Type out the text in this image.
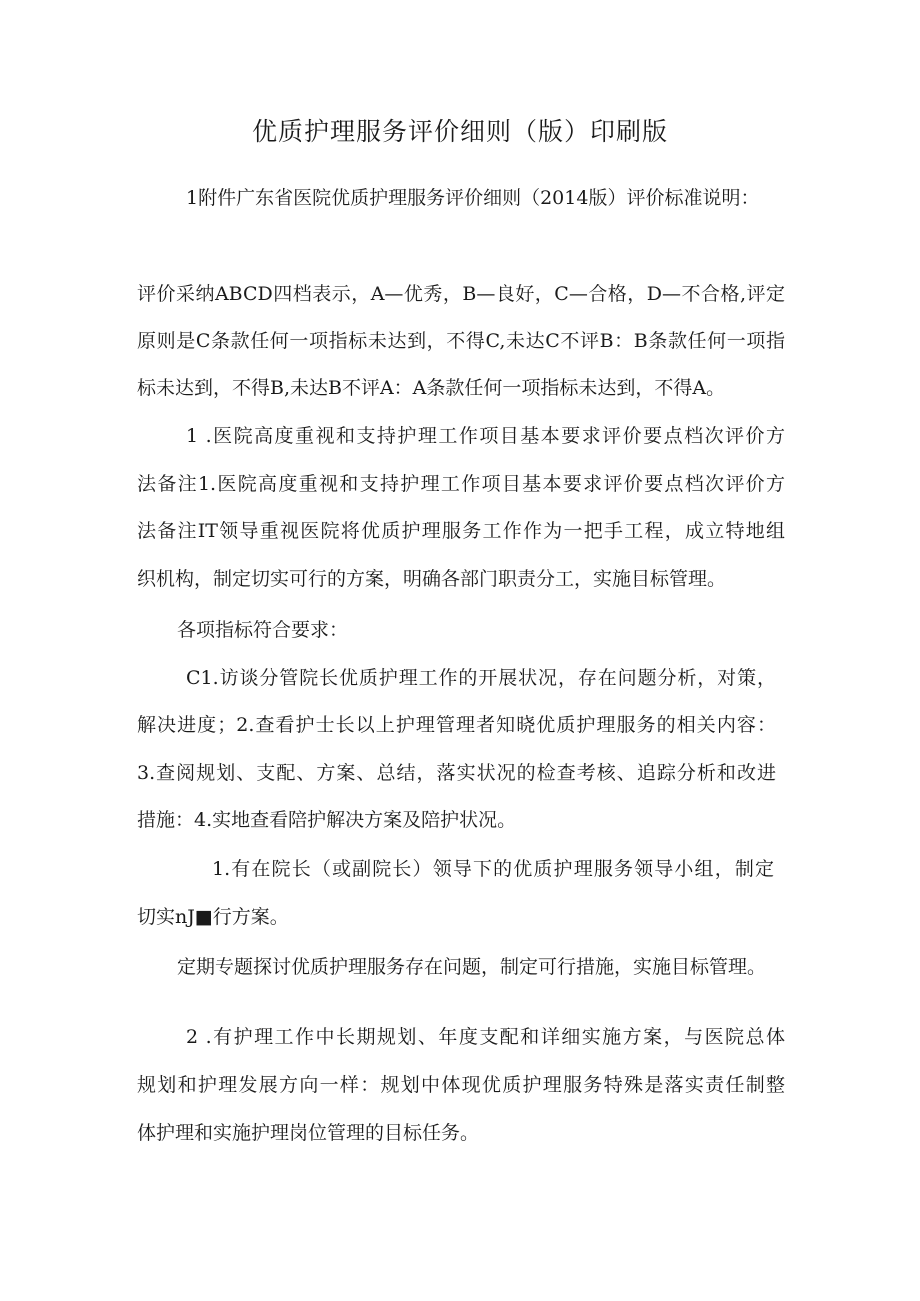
优质护理服务评价细则（版）印刷版
1附件广东省医院优质护理服务评价细则（2014版）评价标准说明：
评价采纳ABCD四档表示，A—优秀，B—良好，C—合格，D—不合格,评定
原则是C条款任何一项指标未达到，不得C,未达C不评B：B条款任何一项指
标未达到，不得B,未达B不评A：A条款任何一项指标未达到，不得A。
1 .医院高度重视和支持护理工作项目基本要求评价要点档次评价方
法备注1.医院高度重视和支持护理工作项目基本要求评价要点档次评价方
法备注IT领导重视医院将优质护理服务工作作为一把手工程，成立特地组
织机构，制定切实可行的方案，明确各部门职责分工，实施目标管理。
各项指标符合要求：
C1.访谈分管院长优质护理工作的开展状况，存在问题分析，对策，
解决进度；2.查看护士长以上护理管理者知晓优质护理服务的相关内容：
3.查阅规划、支配、方案、总结，落实状况的检查考核、追踪分析和改进
措施：4.实地查看陪护解决方案及陪护状况。
1.有在院长（或副院长）领导下的优质护理服务领导小组，制定
切实nJ■行方案。
定期专题探讨优质护理服务存在问题，制定可行措施，实施目标管理。
2 .有护理工作中长期规划、年度支配和详细实施方案，与医院总体
规划和护理发展方向一样：规划中体现优质护理服务特殊是落实责任制整
体护理和实施护理岗位管理的目标任务。
